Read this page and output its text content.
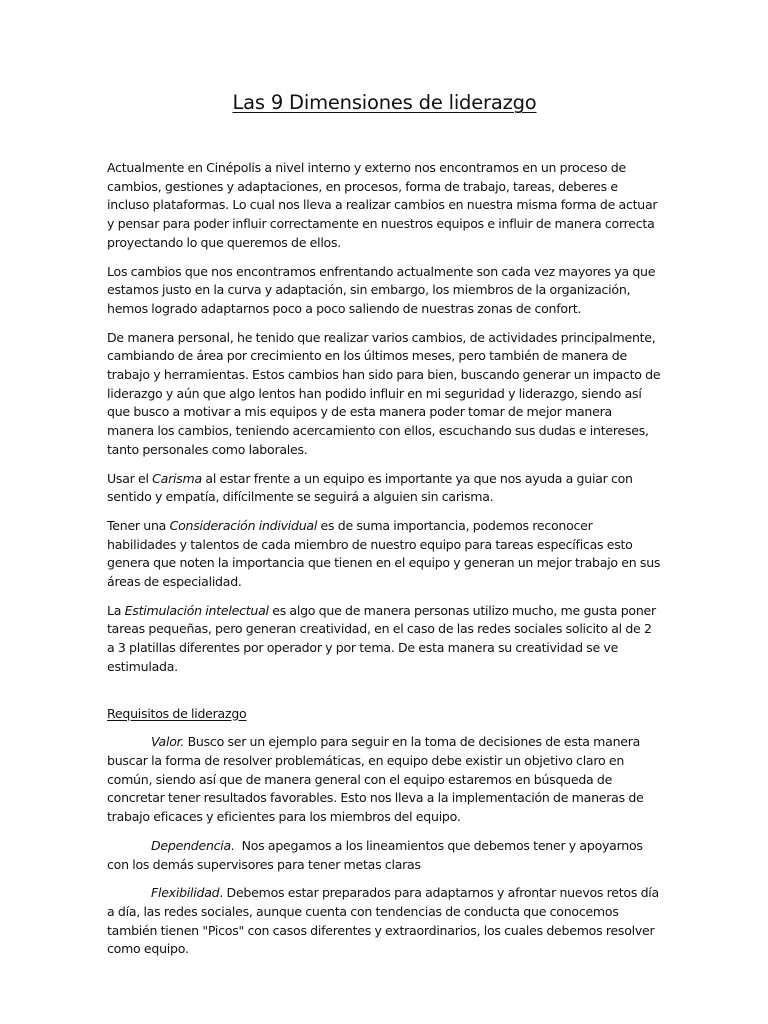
Las 9 Dimensiones de liderazgo

Actualmente en Cinépolis a nivel interno y externo nos encontramos en un proceso de cambios, gestiones y adaptaciones, en procesos, forma de trabajo, tareas, deberes e incluso plataformas. Lo cual nos lleva a realizar cambios en nuestra misma forma de actuar y pensar para poder influir correctamente en nuestros equipos e influir de manera correcta proyectando lo que queremos de ellos.

Los cambios que nos encontramos enfrentando actualmente son cada vez mayores ya que estamos justo en la curva y adaptación, sin embargo, los miembros de la organización, hemos logrado adaptarnos poco a poco saliendo de nuestras zonas de confort.

De manera personal, he tenido que realizar varios cambios, de actividades principalmente, cambiando de área por crecimiento en los últimos meses, pero también de manera de trabajo y herramientas. Estos cambios han sido para bien, buscando generar un impacto de liderazgo y aún que algo lentos han podido influir en mi seguridad y liderazgo, siendo así que busco a motivar a mis equipos y de esta manera poder tomar de mejor manera manera los cambios, teniendo acercamiento con ellos, escuchando sus dudas e intereses, tanto personales como laborales.

Usar el Carisma al estar frente a un equipo es importante ya que nos ayuda a guiar con sentido y empatía, difícilmente se seguirá a alguien sin carisma.

Tener una Consideración individual es de suma importancia, podemos reconocer habilidades y talentos de cada miembro de nuestro equipo para tareas específicas esto genera que noten la importancia que tienen en el equipo y generan un mejor trabajo en sus áreas de especialidad.

La Estimulación intelectual es algo que de manera personas utilizo mucho, me gusta poner tareas pequeñas, pero generan creatividad, en el caso de las redes sociales solicito al de 2 a 3 platillas diferentes por operador y por tema. De esta manera su creatividad se ve estimulada.

Requisitos de liderazgo

Valor. Busco ser un ejemplo para seguir en la toma de decisiones de esta manera buscar la forma de resolver problemáticas, en equipo debe existir un objetivo claro en común, siendo así que de manera general con el equipo estaremos en búsqueda de concretar tener resultados favorables. Esto nos lleva a la implementación de maneras de trabajo eficaces y eficientes para los miembros del equipo.

Dependencia.  Nos apegamos a los lineamientos que debemos tener y apoyarnos con los demás supervisores para tener metas claras

Flexibilidad. Debemos estar preparados para adaptarnos y afrontar nuevos retos día a día, las redes sociales, aunque cuenta con tendencias de conducta que conocemos también tienen "Picos" con casos diferentes y extraordinarios, los cuales debemos resolver como equipo.
